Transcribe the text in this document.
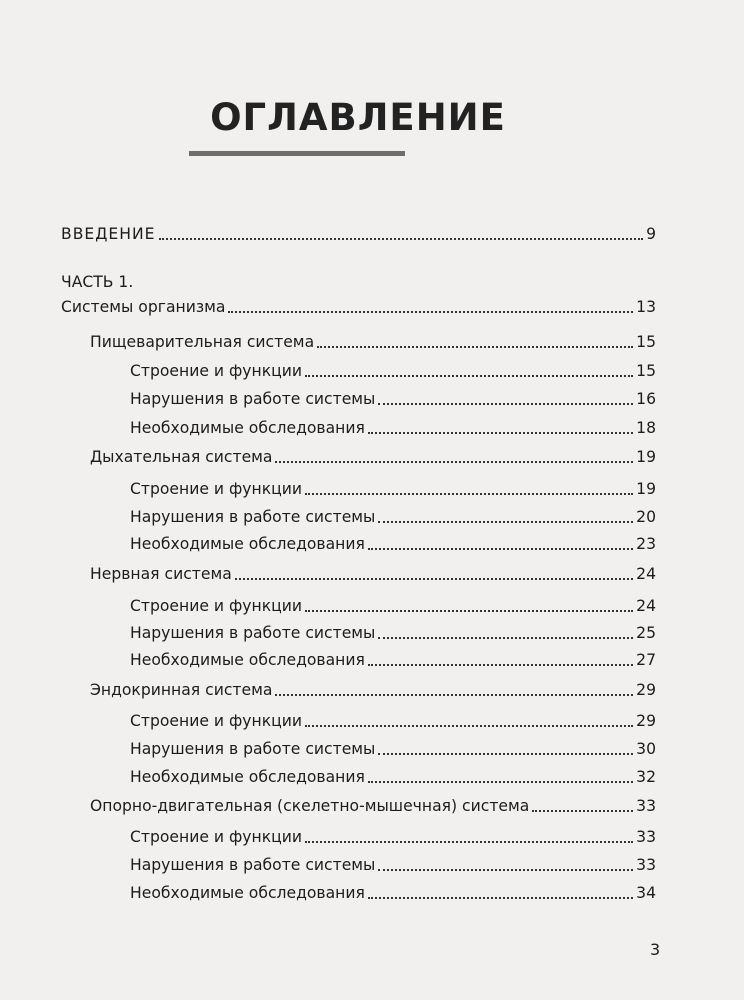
ОГЛАВЛЕНИЕ
ВВЕДЕНИЕ	9
ЧАСТЬ 1.
Системы организма	13
Пищеварительная система	15
Строение и функции	15
Нарушения в работе системы	16
Необходимые обследования	18
Дыхательная система	19
Строение и функции	19
Нарушения в работе системы	20
Необходимые обследования	23
Нервная система	24
Строение и функции	24
Нарушения в работе системы	25
Необходимые обследования	27
Эндокринная система	29
Строение и функции	29
Нарушения в работе системы	30
Необходимые обследования	32
Опорно-двигательная (скелетно-мышечная) система	33
Строение и функции	33
Нарушения в работе системы	33
Необходимые обследования	34
3
